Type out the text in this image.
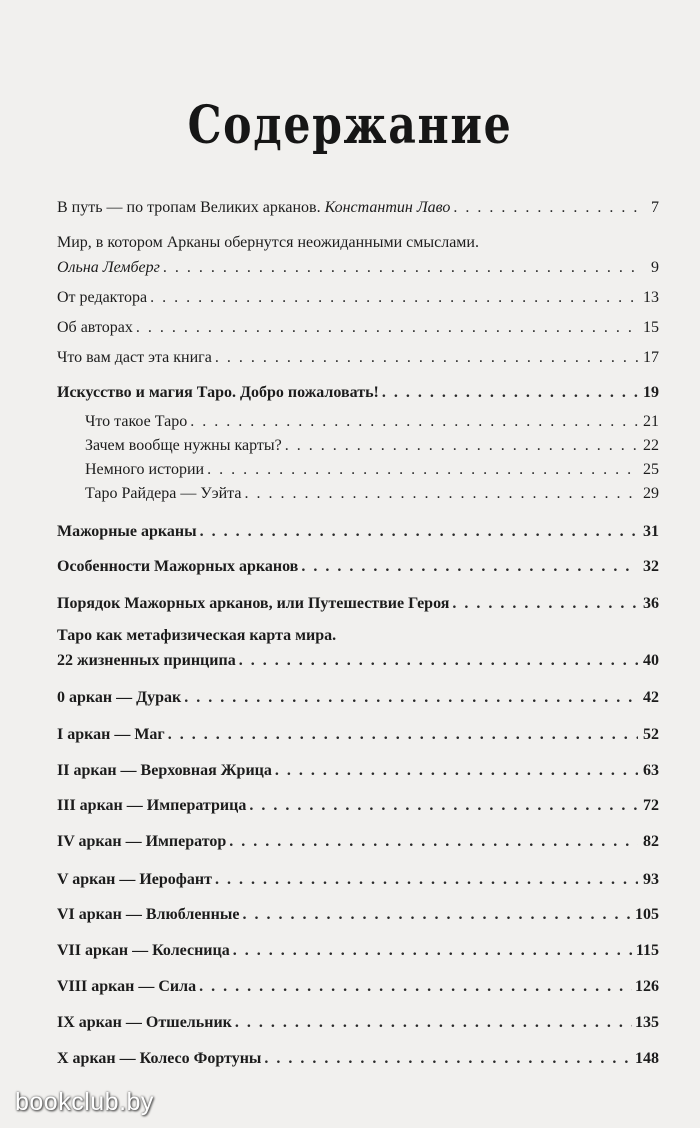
Содержание
В путь — по тропам Великих арканов. Константин Лаво . . .	7
Мир, в котором Арканы обернутся неожиданными смыслами.
Ольна Лемберг . . .	9
От редактора . . .	13
Об авторах . . .	15
Что вам даст эта книга . . .	17
Искусство и магия Таро. Добро пожаловать! . . .	19
Что такое Таро . . .	21
Зачем вообще нужны карты? . . .	22
Немного истории . . .	25
Таро Райдера — Уэйта . . .	29
Мажорные арканы . . .	31
Особенности Мажорных арканов . . .	32
Порядок Мажорных арканов, или Путешествие Героя . . .	36
Таро как метафизическая карта мира.
22 жизненных принципа . . .	40
0 аркан — Дурак . . .	42
I аркан — Маг . . .	52
II аркан — Верховная Жрица . . .	63
III аркан — Императрица . . .	72
IV аркан — Император . . .	82
V аркан — Иерофант . . .	93
VI аркан — Влюбленные . . .	105
VII аркан — Колесница . . .	115
VIII аркан — Сила . . .	126
IX аркан — Отшельник . . .	135
X аркан — Колесо Фортуны . . .	148
bookclub.by
